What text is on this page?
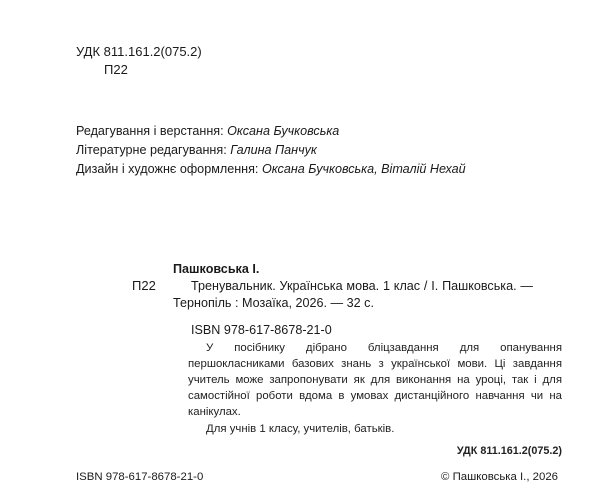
УДК 811.161.2(075.2)
П22
Редагування і верстання: Оксана Бучковська
Літературне редагування: Галина Панчук
Дизайн і художнє оформлення: Оксана Бучковська, Віталій Нехай
П22
Пашковська І.
Тренувальник. Українська мова. 1 клас / І. Пашковська. — Тернопіль : Мозаїка, 2026. — 32 с.
ISBN 978-617-8678-21-0

У посібнику дібрано бліцзавдання для опанування першокласниками базових знань з української мови. Ці завдання учитель може запропонувати як для виконання на уроці, так і для самостійної роботи вдома в умовах дистанційного навчання чи на канікулах.

Для учнів 1 класу, учителів, батьків.

УДК 811.161.2(075.2)

ISBN 978-617-8678-21-0	© Пашковська І., 2026
